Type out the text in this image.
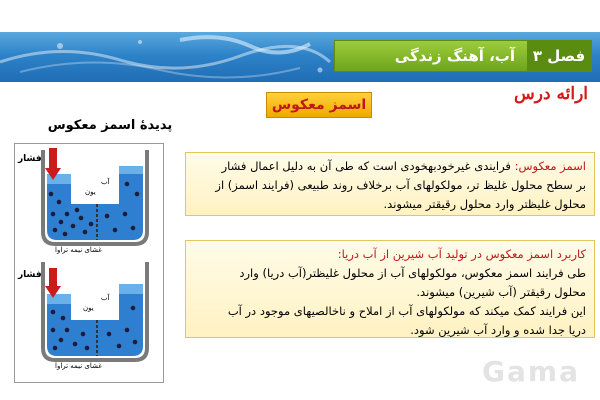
فصل ۳
آب، آهنگ زندگی
ارائه درس
اسمز معکوس
پدیدهٔ اسمز معکوس
فشار
یون
آب
غشای نیمه تراوا
فشار
یون
آب
غشای نیمه تراوا
اسمز معکوس: فرایندی غیرخودبهخودی است که طی آن به دلیل اعمال فشار
بر سطح محلول غلیظ تر، مولکولهای آب برخلاف روند طبیعی (فرایند اسمز) از
محلول غلیظتر وارد محلول رقیقتر میشوند.
کاربرد اسمز معکوس در تولید آب شیرین از آب دریا:
طی فرایند اسمز معکوس، مولکولهای آب از محلول غلیظتر(آب دریا) وارد
محلول رقیقتر (آب شیرین) میشوند.
این فرایند کمک میکند که مولکولهای آب از املاح و ناخالصیهای موجود در آب
دریا جدا شده و وارد آب شیرین شود.
Gama
